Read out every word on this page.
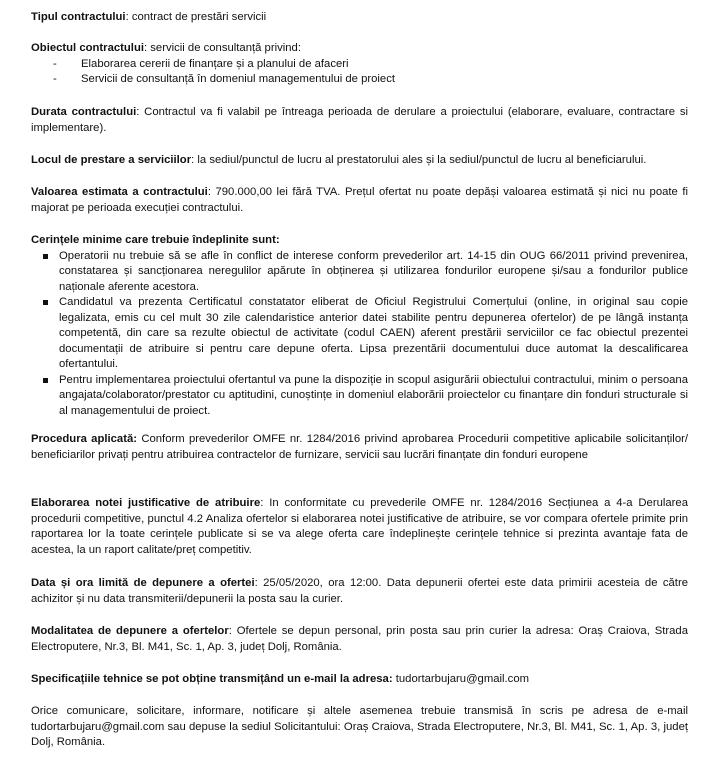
Tipul contractului: contract de prestări servicii

Obiectul contractului: servicii de consultanță privind:

- Elaborarea cererii de finanțare și a planului de afaceri
- Servicii de consultanță în domeniul managementului de proiect

Durata contractului: Contractul va fi valabil pe întreaga perioada de derulare a proiectului (elaborare, evaluare, contractare si implementare).

Locul de prestare a serviciilor: la sediul/punctul de lucru al prestatorului ales și la sediul/punctul de lucru al beneficiarului.

Valoarea estimata a contractului: 790.000,00 lei fără TVA. Prețul ofertat nu poate depăși valoarea estimată și nici nu poate fi majorat pe perioada execuției contractului.

Cerințele minime care trebuie îndeplinite sunt:

Operatorii nu trebuie să se afle în conflict de interese conform prevederilor art. 14-15 din OUG 66/2011 privind prevenirea, constatarea și sancționarea neregulilor apărute în obținerea și utilizarea fondurilor europene și/sau a fondurilor publice naționale aferente acestora.
Candidatul va prezenta Certificatul constatator eliberat de Oficiul Registrului Comerțului (online, in original sau copie legalizata, emis cu cel mult 30 zile calendaristice anterior datei stabilite pentru depunerea ofertelor) de pe lângă instanța competentă, din care sa rezulte obiectul de activitate (codul CAEN) aferent prestării serviciilor ce fac obiectul prezentei documentații de atribuire si pentru care depune oferta. Lipsa prezentării documentului duce automat la descalificarea ofertantului.
Pentru implementarea proiectului ofertantul va pune la dispoziție in scopul asigurării obiectului contractului, minim o persoana angajata/colaborator/prestator cu aptitudini, cunoștințe in domeniul elaborării proiectelor cu finanțare din fonduri structurale si al managementului de proiect.

Procedura aplicată: Conform prevederilor OMFE nr. 1284/2016 privind aprobarea Procedurii competitive aplicabile solicitanților/ beneficiarilor privați pentru atribuirea contractelor de furnizare, servicii sau lucrări finanțate din fonduri europene

Elaborarea notei justificative de atribuire: In conformitate cu prevederile OMFE nr. 1284/2016 Secțiunea a 4-a Derularea procedurii competitive, punctul 4.2 Analiza ofertelor si elaborarea notei justificative de atribuire, se vor compara ofertele primite prin raportarea lor la toate cerințele publicate si se va alege oferta care îndeplinește cerințele tehnice si prezinta avantaje fata de acestea, la un raport calitate/preț competitiv.

Data și ora limită de depunere a ofertei: 25/05/2020, ora 12:00. Data depunerii ofertei este data primirii acesteia de către achizitor și nu data transmiterii/depunerii la posta sau la curier.

Modalitatea de depunere a ofertelor: Ofertele se depun personal, prin posta sau prin curier la adresa: Oraș Craiova, Strada Electroputere, Nr.3, Bl. M41, Sc. 1, Ap. 3, județ Dolj, România.

Specificațiile tehnice se pot obține transmițând un e-mail la adresa: tudortarbujaru@gmail.com

Orice comunicare, solicitare, informare, notificare și altele asemenea trebuie transmisă în scris pe adresa de e-mail tudortarbujaru@gmail.com sau depuse la sediul Solicitantului: Oraș Craiova, Strada Electroputere, Nr.3, Bl. M41, Sc. 1, Ap. 3, județ Dolj, România.
